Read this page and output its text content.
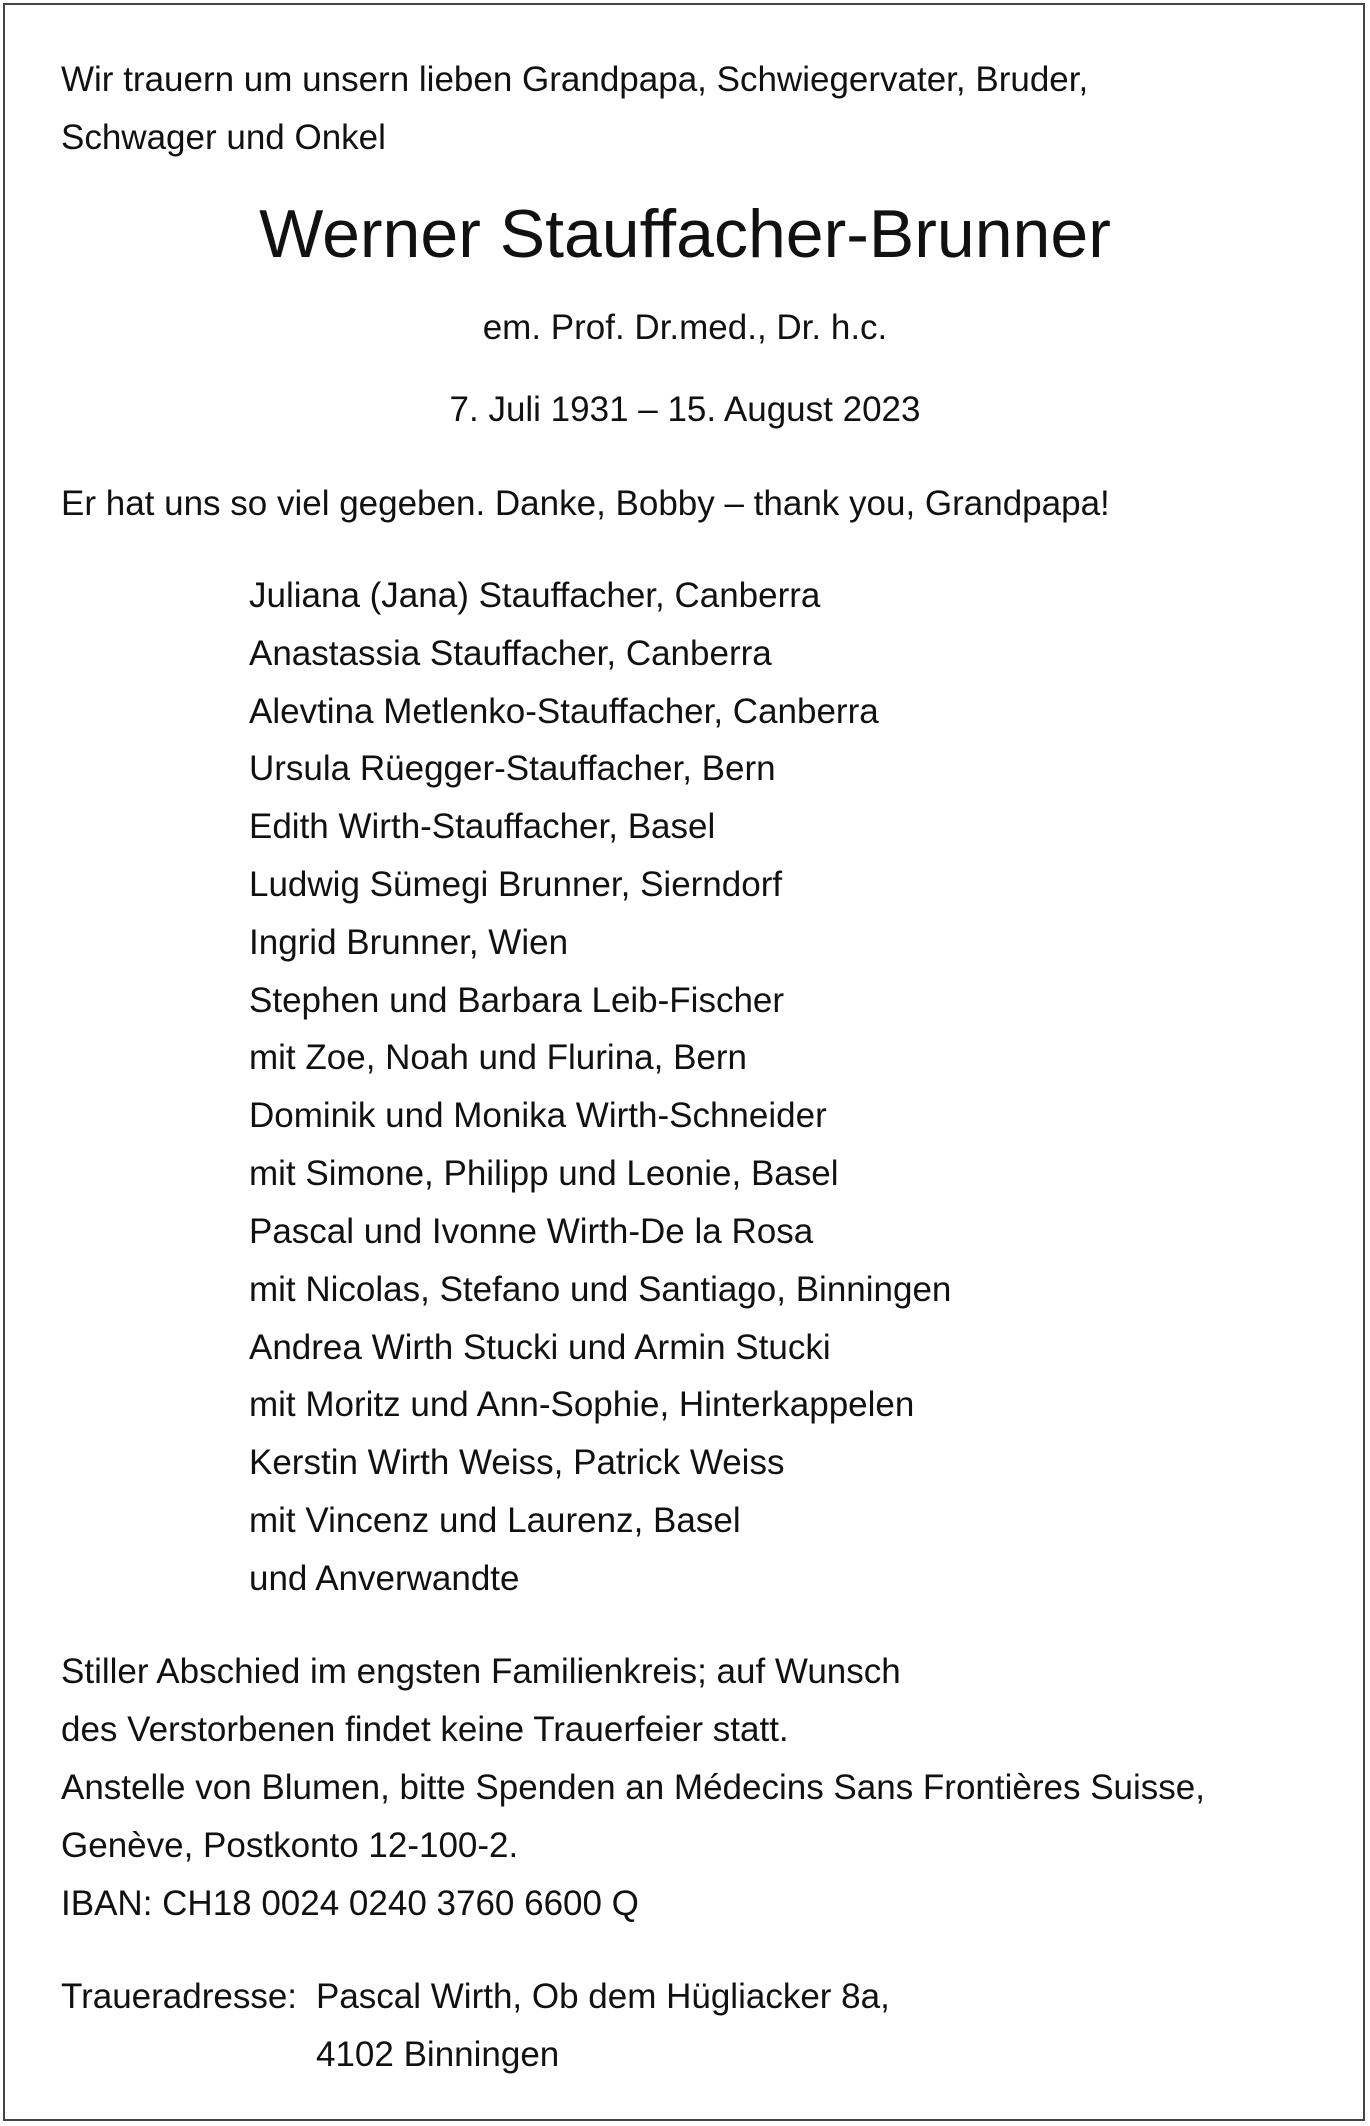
Wir trauern um unsern lieben Grandpapa, Schwiegervater, Bruder,
Schwager und Onkel
Werner Stauffacher-Brunner
em. Prof. Dr.med., Dr. h.c.
7. Juli 1931 – 15. August 2023
Er hat uns so viel gegeben. Danke, Bobby – thank you, Grandpapa!
Juliana (Jana) Stauffacher, Canberra
Anastassia Stauffacher, Canberra
Alevtina Metlenko-Stauffacher, Canberra
Ursula Rüegger-Stauffacher, Bern
Edith Wirth-Stauffacher, Basel
Ludwig Sümegi Brunner, Sierndorf
Ingrid Brunner, Wien
Stephen und Barbara Leib-Fischer
mit Zoe, Noah und Flurina, Bern
Dominik und Monika Wirth-Schneider
mit Simone, Philipp und Leonie, Basel
Pascal und Ivonne Wirth-De la Rosa
mit Nicolas, Stefano und Santiago, Binningen
Andrea Wirth Stucki und Armin Stucki
mit Moritz und Ann-Sophie, Hinterkappelen
Kerstin Wirth Weiss, Patrick Weiss
mit Vincenz und Laurenz, Basel
und Anverwandte
Stiller Abschied im engsten Familienkreis; auf Wunsch
des Verstorbenen findet keine Trauerfeier statt.
Anstelle von Blumen, bitte Spenden an Médecins Sans Frontières Suisse,
Genève, Postkonto 12-100-2.
IBAN: CH18 0024 0240 3760 6600 Q
Traueradresse: Pascal Wirth, Ob dem Hügliacker 8a,
4102 Binningen
